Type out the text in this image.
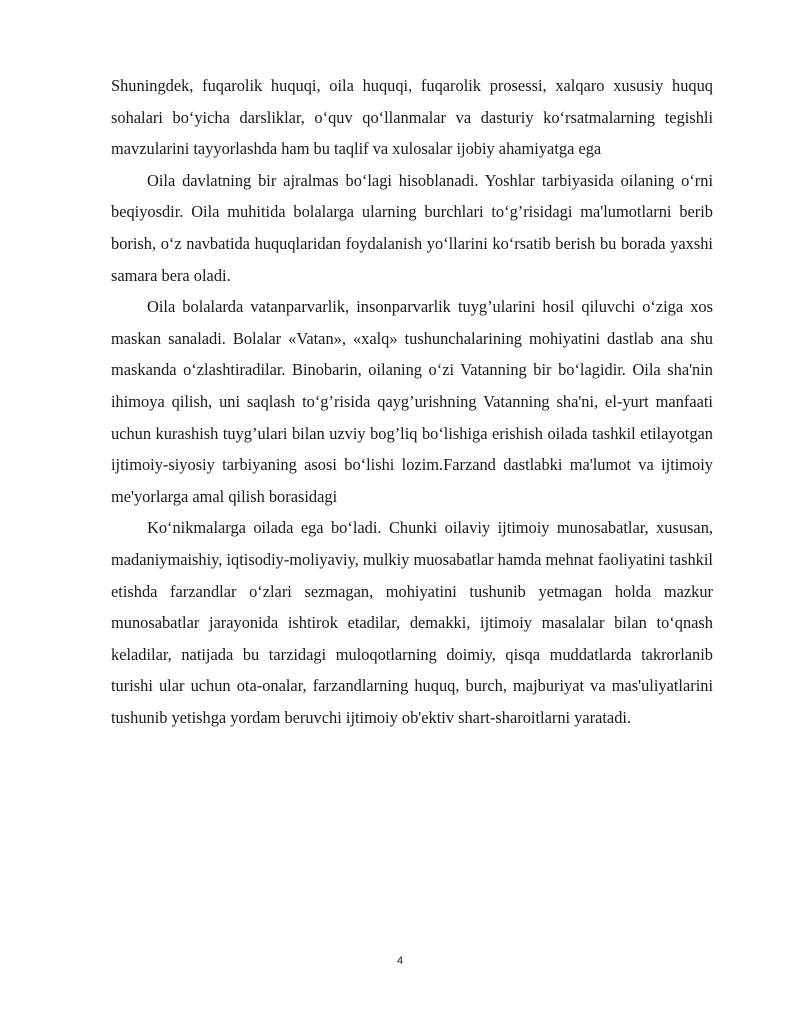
Shuningdek, fuqarolik huquqi, oila huquqi, fuqarolik prosessi, xalqaro xususiy huquq sohalari bo‘yicha darsliklar, o‘quv qo‘llanmalar va dasturiy ko‘rsatmalarning tegishli mavzularini tayyorlashda ham bu taqlif va xulosalar ijobiy ahamiyatga ega

Oila davlatning bir ajralmas bo‘lagi hisoblanadi. Yoshlar tarbiyasida oilaning o‘rni beqiyosdir. Oila muhitida bolalarga ularning burchlari to‘g’risidagi ma'lumotlarni berib borish, o‘z navbatida huquqlaridan foydalanish yo‘llarini ko‘rsatib berish bu borada yaxshi samara bera oladi.

Oila bolalarda vatanparvarlik, insonparvarlik tuyg’ularini hosil qiluvchi o‘ziga xos maskan sanaladi. Bolalar «Vatan», «xalq» tushunchalarining mohiyatini dastlab ana shu maskanda o‘zlashtiradilar. Binobarin, oilaning o‘zi Vatanning bir bo‘lagidir. Oila sha'nin ihimoya qilish, uni saqlash to‘g’risida qayg’urishning Vatanning sha'ni, el-yurt manfaati uchun kurashish tuyg’ulari bilan uzviy bog’liq bo‘lishiga erishish oilada tashkil etilayotgan ijtimoiy-siyosiy tarbiyaning asosi bo‘lishi lozim.Farzand dastlabki ma'lumot va ijtimoiy me'yorlarga amal qilish borasidagi

Ko‘nikmalarga oilada ega bo‘ladi. Chunki oilaviy ijtimoiy munosabatlar, xususan, madaniymaishiy, iqtisodiy-moliyaviy, mulkiy muosabatlar hamda mehnat faoliyatini tashkil etishda farzandlar o‘zlari sezmagan, mohiyatini tushunib yetmagan holda mazkur munosabatlar jarayonida ishtirok etadilar, demakki, ijtimoiy masalalar bilan to‘qnash keladilar, natijada bu tarzidagi muloqotlarning doimiy, qisqa muddatlarda takrorlanib turishi ular uchun ota-onalar, farzandlarning huquq, burch, majburiyat va mas'uliyatlarini tushunib yetishga yordam beruvchi ijtimoiy ob'ektiv shart-sharoitlarni yaratadi.

4
